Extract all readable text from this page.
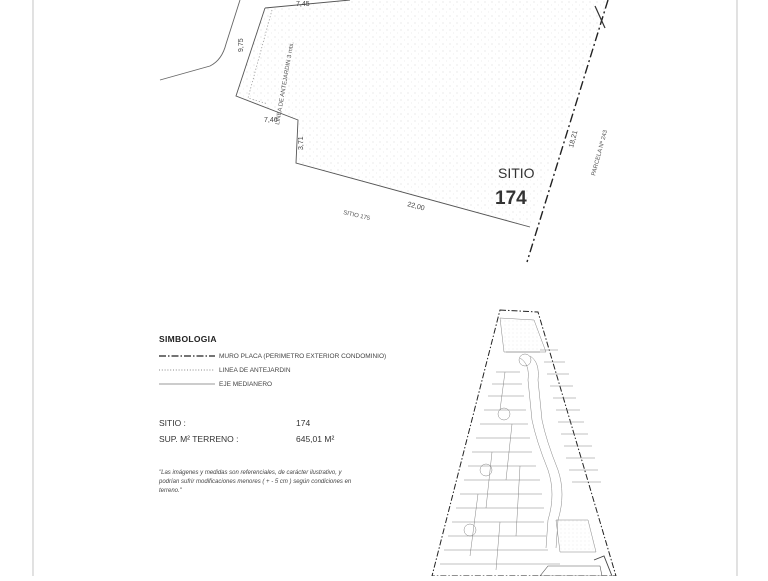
7,45
9,75
7,46
3,71
22,00
18,21
LINEA DE ANTEJARDIN 3 mts.
SITIO 175
PARCELA Nº 243
SITIO
174
SIMBOLOGIA
MURO PLACA (PERIMETRO EXTERIOR CONDOMINIO)
LINEA DE ANTEJARDIN
EJE MEDIANERO
SITIO :	174
SUP. M² TERRENO :	645,01 M²
"Las imágenes y medidas son referenciales, de carácter ilustrativo, y
podrían sufrir modificaciones menores ( + - 5 cm ) según condiciones en
terreno."
